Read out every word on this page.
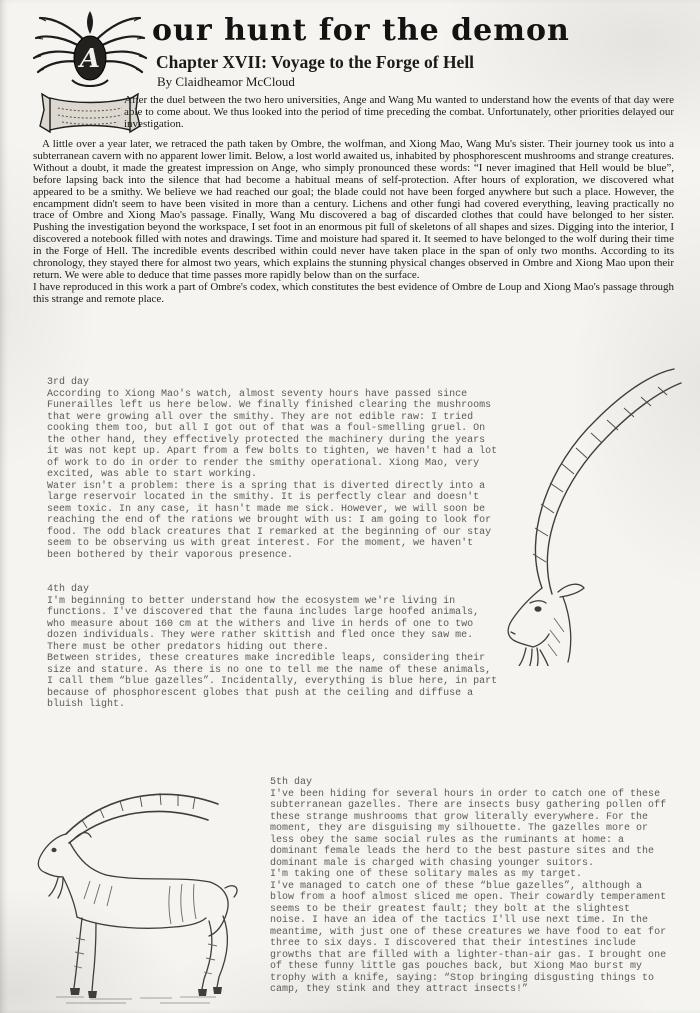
A
our hunt for the demon
Chapter XVII: Voyage to the Forge of Hell
By Claidheamor McCloud

After the duel between the two hero universities, Ange and Wang Mu wanted to understand how the events of that day were able to come about. We thus looked into the period of time preceding the combat. Unfortunately, other priorities delayed our investigation.

A little over a year later, we retraced the path taken by Ombre, the wolfman, and Xiong Mao, Wang Mu's sister. Their journey took us into a subterranean cavern with no apparent lower limit. Below, a lost world awaited us, inhabited by phosphorescent mushrooms and strange creatures. Without a doubt, it made the greatest impression on Ange, who simply pronounced these words: “I never imagined that Hell would be blue”, before lapsing back into the silence that had become a habitual means of self-protection. After hours of exploration, we discovered what appeared to be a smithy. We believe we had reached our goal; the blade could not have been forged anywhere but such a place. However, the encampment didn't seem to have been visited in more than a century. Lichens and other fungi had covered everything, leaving practically no trace of Ombre and Xiong Mao's passage. Finally, Wang Mu discovered a bag of discarded clothes that could have belonged to her sister. Pushing the investigation beyond the workspace, I set foot in an enormous pit full of skeletons of all shapes and sizes. Digging into the interior, I discovered a notebook filled with notes and drawings. Time and moisture had spared it. It seemed to have belonged to the wolf during their time in the Forge of Hell. The incredible events described within could never have taken place in the span of only two months. According to its chronology, they stayed there for almost two years, which explains the stunning physical changes observed in Ombre and Xiong Mao upon their return. We were able to deduce that time passes more rapidly below than on the surface.

I have reproduced in this work a part of Ombre's codex, which constitutes the best evidence of Ombre de Loup and Xiong Mao's passage through this strange and remote place.

3rd day

According to Xiong Mao's watch, almost seventy hours have passed since Funerailles left us here below. We finally finished clearing the mushrooms that were growing all over the smithy. They are not edible raw: I tried cooking them too, but all I got out of that was a foul-smelling gruel. On the other hand, they effectively protected the machinery during the years it was not kept up. Apart from a few bolts to tighten, we haven't had a lot of work to do in order to render the smithy operational. Xiong Mao, very excited, was able to start working.

Water isn't a problem: there is a spring that is diverted directly into a large reservoir located in the smithy. It is perfectly clear and doesn't seem toxic. In any case, it hasn't made me sick. However, we will soon be reaching the end of the rations we brought with us: I am going to look for food. The odd black creatures that I remarked at the beginning of our stay seem to be observing us with great interest. For the moment, we haven't been bothered by their vaporous presence.

4th day

I'm beginning to better understand how the ecosystem we're living in functions. I've discovered that the fauna includes large hoofed animals, who measure about 160 cm at the withers and live in herds of one to two dozen individuals. They were rather skittish and fled once they saw me. There must be other predators hiding out there.

Between strides, these creatures make incredible leaps, considering their size and stature. As there is no one to tell me the name of these animals, I call them “blue gazelles”. Incidentally, everything is blue here, in part because of phosphorescent globes that push at the ceiling and diffuse a bluish light.

5th day

I've been hiding for several hours in order to catch one of these subterranean gazelles. There are insects busy gathering pollen off these strange mushrooms that grow literally everywhere. For the moment, they are disguising my silhouette. The gazelles more or less obey the same social rules as the ruminants at home: a dominant female leads the herd to the best pasture sites and the dominant male is charged with chasing younger suitors.

I'm taking one of these solitary males as my target.

I've managed to catch one of these “blue gazelles”, although a blow from a hoof almost sliced me open. Their cowardly temperament seems to be their greatest fault; they bolt at the slightest noise. I have an idea of the tactics I'll use next time. In the meantime, with just one of these creatures we have food to eat for three to six days. I discovered that their intestines include growths that are filled with a lighter-than-air gas. I brought one of these funny little gas pouches back, but Xiong Mao burst my trophy with a knife, saying: “Stop bringing disgusting things to camp, they stink and they attract insects!”
